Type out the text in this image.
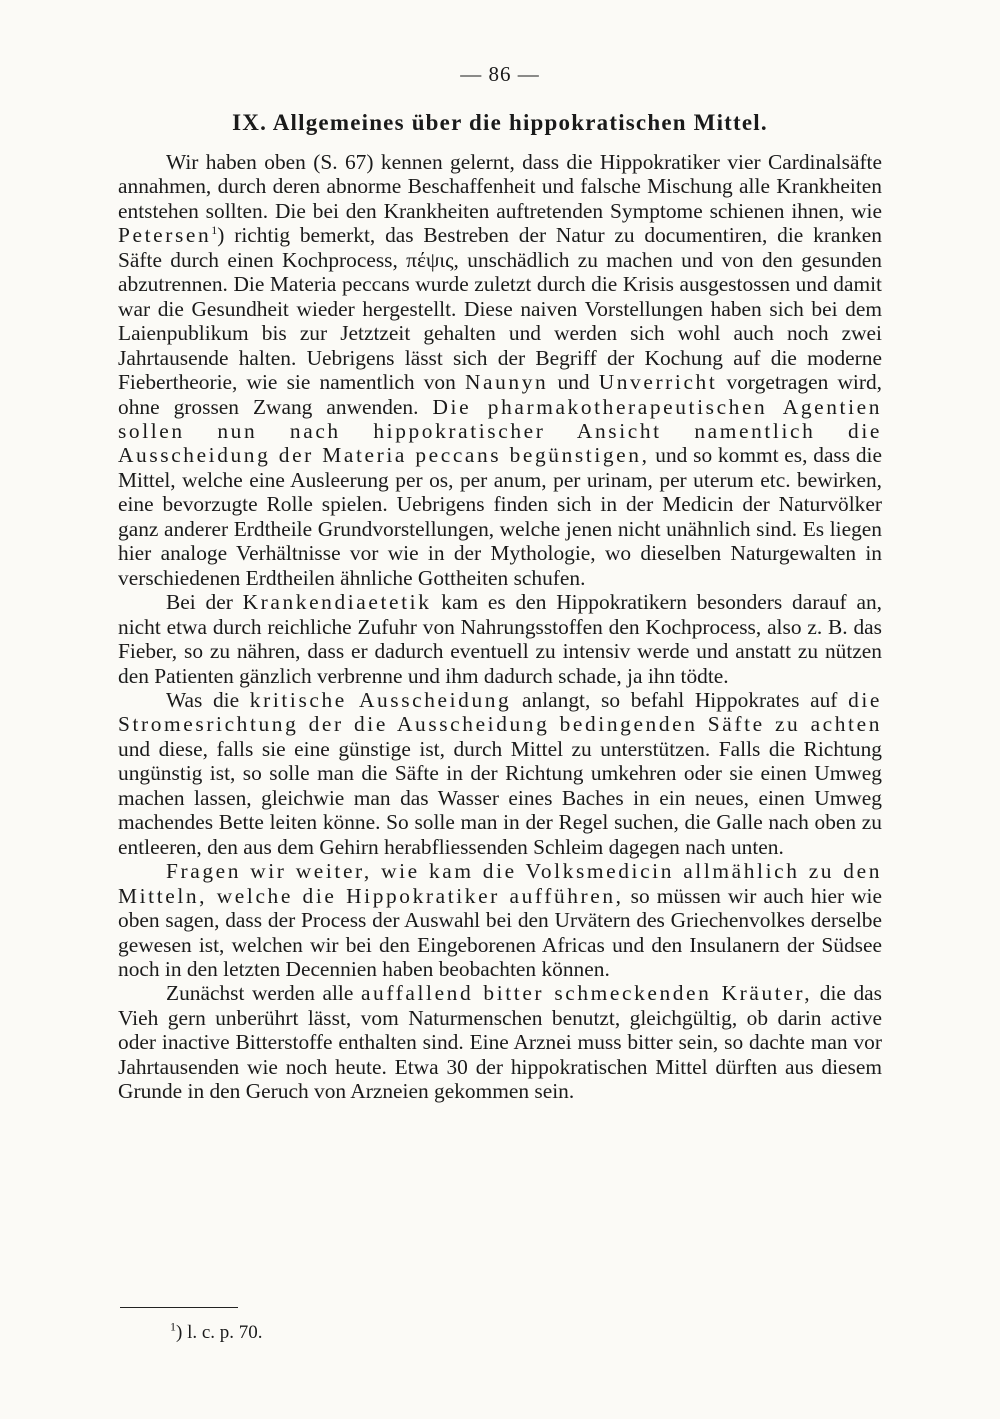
— 86 —
IX. Allgemeines über die hippokratischen Mittel.

Wir haben oben (S. 67) kennen gelernt, dass die Hippokratiker vier Cardinalsäfte annahmen, durch deren abnorme Beschaffenheit und falsche Mischung alle Krankheiten entstehen sollten. Die bei den Krankheiten auftretenden Symptome schienen ihnen, wie Petersen$^1$) richtig bemerkt, das Bestreben der Natur zu documentiren, die kranken Säfte durch einen Kochprocess, πέψις, unschädlich zu machen und von den gesunden abzutrennen. Die Materia peccans wurde zuletzt durch die Krisis ausgestossen und damit war die Gesundheit wieder hergestellt. Diese naiven Vorstellungen haben sich bei dem Laienpublikum bis zur Jetztzeit gehalten und werden sich wohl auch noch zwei Jahrtausende halten. Uebrigens lässt sich der Begriff der Kochung auf die moderne Fiebertheorie, wie sie namentlich von Naunyn und Unverricht vorgetragen wird, ohne grossen Zwang anwenden. Die pharmakotherapeutischen Agentien sollen nun nach hippokratischer Ansicht namentlich die Ausscheidung der Materia peccans begünstigen, und so kommt es, dass die Mittel, welche eine Ausleerung per os, per anum, per urinam, per uterum etc. bewirken, eine bevorzugte Rolle spielen. Uebrigens finden sich in der Medicin der Naturvölker ganz anderer Erdtheile Grundvorstellungen, welche jenen nicht unähnlich sind. Es liegen hier analoge Verhältnisse vor wie in der Mythologie, wo dieselben Naturgewalten in verschiedenen Erdtheilen ähnliche Gottheiten schufen.

Bei der Krankendiaetetik kam es den Hippokratikern besonders darauf an, nicht etwa durch reichliche Zufuhr von Nahrungsstoffen den Kochprocess, also z. B. das Fieber, so zu nähren, dass er dadurch eventuell zu intensiv werde und anstatt zu nützen den Patienten gänzlich verbrenne und ihm dadurch schade, ja ihn tödte.

Was die kritische Ausscheidung anlangt, so befahl Hippokrates auf die Stromesrichtung der die Ausscheidung bedingenden Säfte zu achten und diese, falls sie eine günstige ist, durch Mittel zu unterstützen. Falls die Richtung ungünstig ist, so solle man die Säfte in der Richtung umkehren oder sie einen Umweg machen lassen, gleichwie man das Wasser eines Baches in ein neues, einen Umweg machendes Bette leiten könne. So solle man in der Regel suchen, die Galle nach oben zu entleeren, den aus dem Gehirn herabfliessenden Schleim dagegen nach unten.

Fragen wir weiter, wie kam die Volksmedicin allmählich zu den Mitteln, welche die Hippokratiker aufführen, so müssen wir auch hier wie oben sagen, dass der Process der Auswahl bei den Urvätern des Griechenvolkes derselbe gewesen ist, welchen wir bei den Eingeborenen Africas und den Insulanern der Südsee noch in den letzten Decennien haben beobachten können.

Zunächst werden alle auffallend bitter schmeckenden Kräuter, die das Vieh gern unberührt lässt, vom Naturmenschen benutzt, gleichgültig, ob darin active oder inactive Bitterstoffe enthalten sind. Eine Arznei muss bitter sein, so dachte man vor Jahrtausenden wie noch heute. Etwa 30 der hippokratischen Mittel dürften aus diesem Grunde in den Geruch von Arzneien gekommen sein.

$^1$) l. c. p. 70.
